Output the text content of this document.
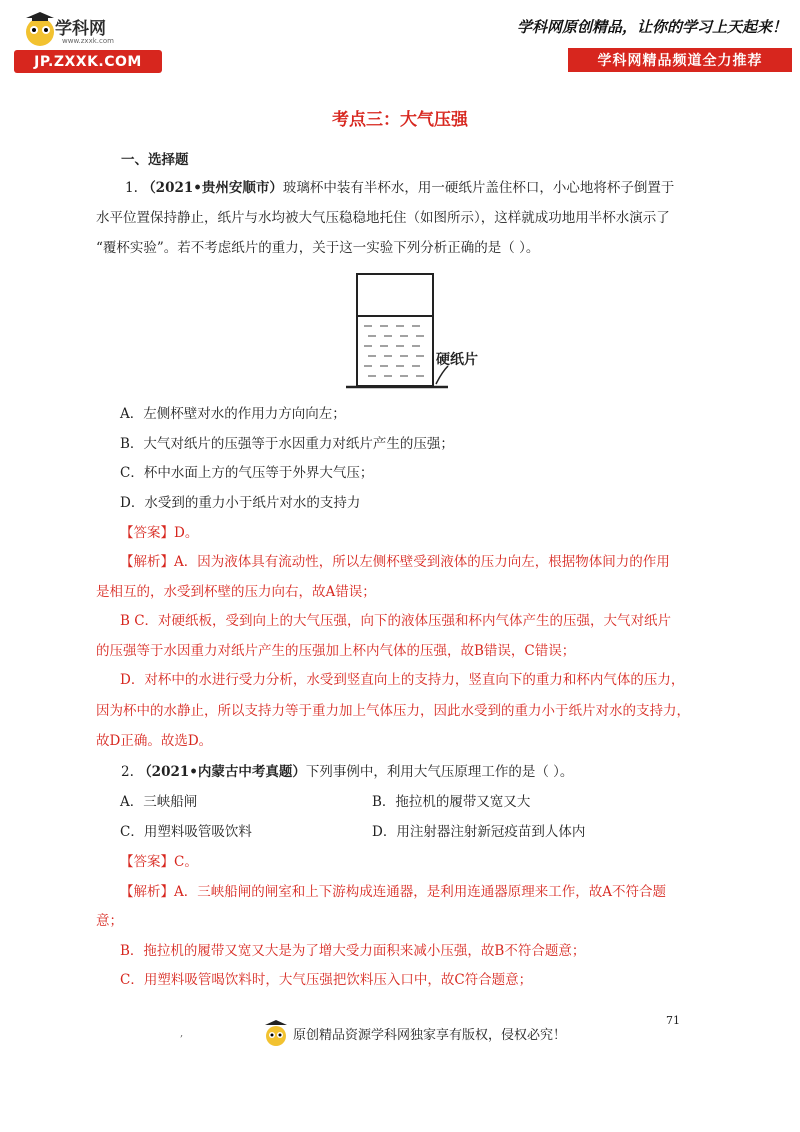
学科网
www.zxxk.com
JP.ZXXK.COM
学科网原创精品，让你的学习上天起来！
学科网精品频道全力推荐
考点三：大气压强
一、选择题
1. （2021•贵州安顺市）玻璃杯中装有半杯水，用一硬纸片盖住杯口，小心地将杯子倒置于
水平位置保持静止，纸片与水均被大气压稳稳地托住（如图所示），这样就成功地用半杯水演示了
“覆杯实验”。若不考虑纸片的重力，关于这一实验下列分析正确的是（ ）。
硬纸片
A．左侧杯壁对水的作用力方向向左；
B．大气对纸片的压强等于水因重力对纸片产生的压强；
C．杯中水面上方的气压等于外界大气压；
D．水受到的重力小于纸片对水的支持力
【答案】D。
【解析】A．因为液体具有流动性，所以左侧杯壁受到液体的压力向左，根据物体间力的作用
是相互的，水受到杯壁的压力向右，故A错误；
B C．对硬纸板，受到向上的大气压强，向下的液体压强和杯内气体产生的压强，大气对纸片
的压强等于水因重力对纸片产生的压强加上杯内气体的压强，故B错误，C错误；
D．对杯中的水进行受力分析，水受到竖直向上的支持力，竖直向下的重力和杯内气体的压力，
因为杯中的水静止，所以支持力等于重力加上气体压力，因此水受到的重力小于纸片对水的支持力，
故D正确。故选D。
2. （2021•内蒙古中考真题）下列事例中，利用大气压原理工作的是（ ）。
A．三峡船闸	B．拖拉机的履带又宽又大
C．用塑料吸管吸饮料	D．用注射器注射新冠疫苗到人体内
【答案】C。
【解析】A．三峡船闸的闸室和上下游构成连通器，是利用连通器原理来工作，故A不符合题
意；
B．拖拉机的履带又宽又大是为了增大受力面积来减小压强，故B不符合题意；
C．用塑料吸管喝饮料时，大气压强把饮料压入口中，故C符合题意；
71
,	原创精品资源学科网独家享有版权，侵权必究！
